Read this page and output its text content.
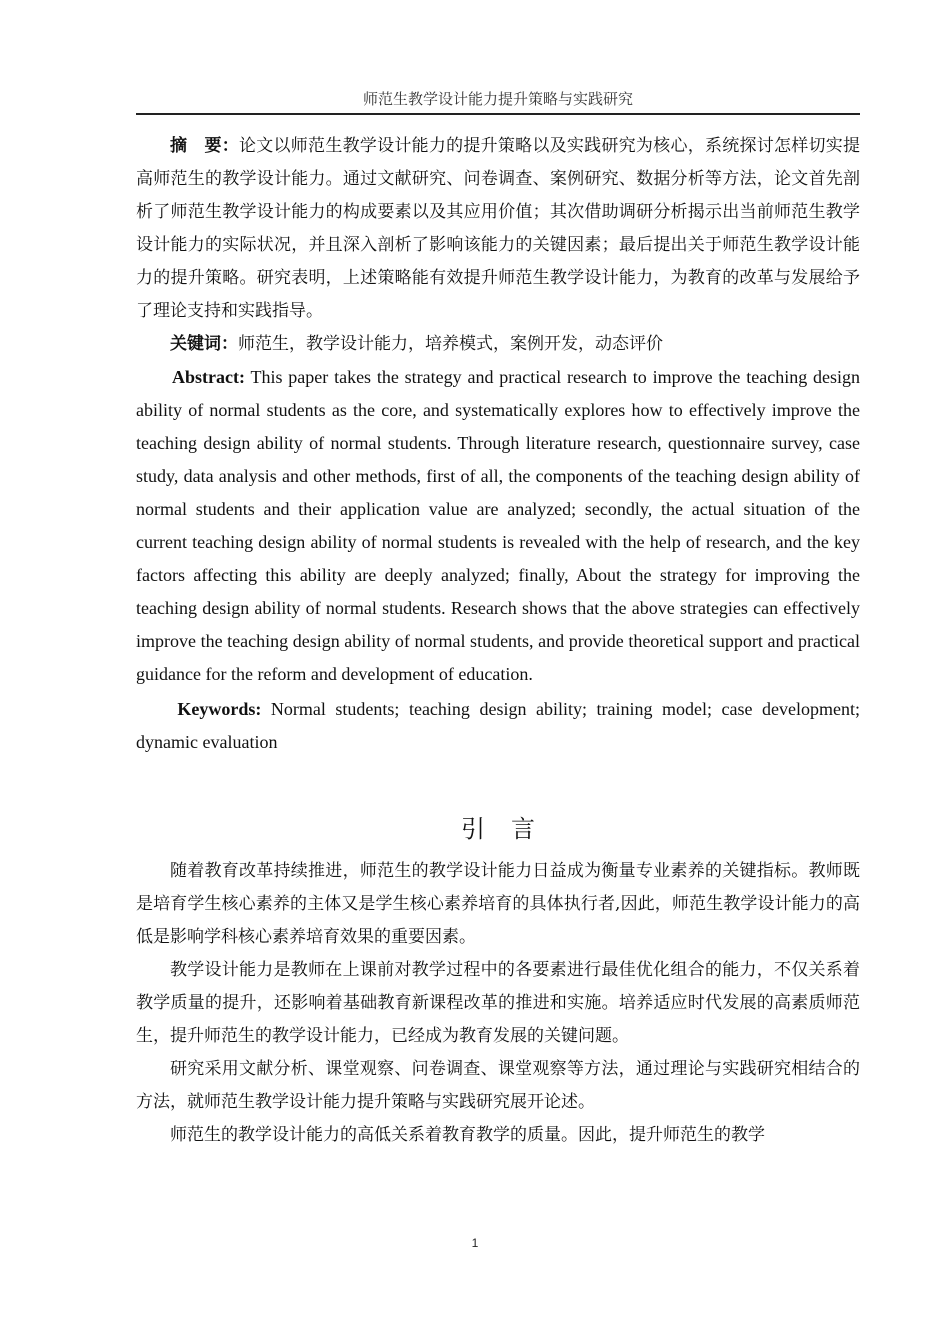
师范生教学设计能力提升策略与实践研究

摘　要：论文以师范生教学设计能力的提升策略以及实践研究为核心，系统探讨怎样切实提高师范生的教学设计能力。通过文献研究、问卷调查、案例研究、数据分析等方法，论文首先剖析了师范生教学设计能力的构成要素以及其应用价值；其次借助调研分析揭示出当前师范生教学设计能力的实际状况，并且深入剖析了影响该能力的关键因素；最后提出关于师范生教学设计能力的提升策略。研究表明，上述策略能有效提升师范生教学设计能力，为教育的改革与发展给予了理论支持和实践指导。

关键词：师范生，教学设计能力，培养模式，案例开发，动态评价

Abstract: This paper takes the strategy and practical research to improve the teaching design ability of normal students as the core, and systematically explores how to effectively improve the teaching design ability of normal students. Through literature research, questionnaire survey, case study, data analysis and other methods, first of all, the components of the teaching design ability of normal students and their application value are analyzed; secondly, the actual situation of the current teaching design ability of normal students is revealed with the help of research, and the key factors affecting this ability are deeply analyzed; finally, About the strategy for improving the teaching design ability of normal students. Research shows that the above strategies can effectively improve the teaching design ability of normal students, and provide theoretical support and practical guidance for the reform and development of education.

Keywords: Normal students; teaching design ability; training model; case development; dynamic evaluation

引言

随着教育改革持续推进，师范生的教学设计能力日益成为衡量专业素养的关键指标。教师既是培育学生核心素养的主体又是学生核心素养培育的具体执行者,因此，师范生教学设计能力的高低是影响学科核心素养培育效果的重要因素。

教学设计能力是教师在上课前对教学过程中的各要素进行最佳优化组合的能力，不仅关系着教学质量的提升，还影响着基础教育新课程改革的推进和实施。培养适应时代发展的高素质师范生，提升师范生的教学设计能力，已经成为教育发展的关键问题。

研究采用文献分析、课堂观察、问卷调查、课堂观察等方法，通过理论与实践研究相结合的方法，就师范生教学设计能力提升策略与实践研究展开论述。

师范生的教学设计能力的高低关系着教育教学的质量。因此，提升师范生的教学

1
